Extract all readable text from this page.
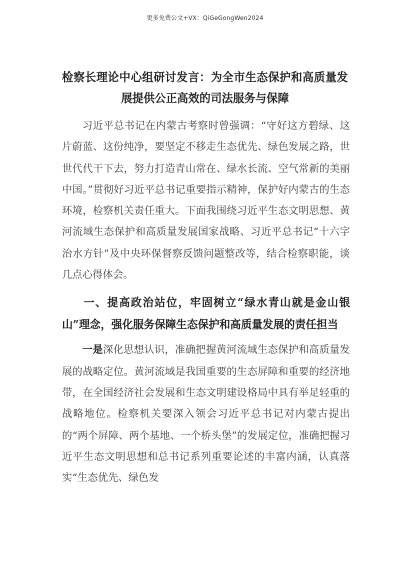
更多免费公文+VX：QiGeGongWen2024
检察长理论中心组研讨发言：为全市生态保护和高质量发展提供公正高效的司法服务与保障

习近平总书记在内蒙古考察时曾强调：“守好这方碧绿、这片蔚蓝、这份纯净，要坚定不移走生态优先、绿色发展之路，世世代代干下去，努力打造青山常在、绿水长流、空气常新的美丽中国。”贯彻好习近平总书记重要指示精神，保护好内蒙古的生态环境，检察机关责任重大。下面我围绕习近平生态文明思想、黄河流域生态保护和高质量发展国家战略、习近平总书记“十六字治水方针”及中央环保督察反馈问题整改等，结合检察职能，谈几点心得体会。

一、提高政治站位，牢固树立“绿水青山就是金山银山”理念，强化服务保障生态保护和高质量发展的责任担当

一是深化思想认识，准确把握黄河流域生态保护和高质量发展的战略定位。黄河流域是我国重要的生态屏障和重要的经济地带，在全国经济社会发展和生态文明建设格局中具有举足轻重的战略地位。检察机关要深入领会习近平总书记对内蒙古提出的“两个屏障、两个基地、一个桥头堡”的发展定位，准确把握习近平生态文明思想和总书记系列重要论述的丰富内涵，认真落实“生态优先、绿色发
